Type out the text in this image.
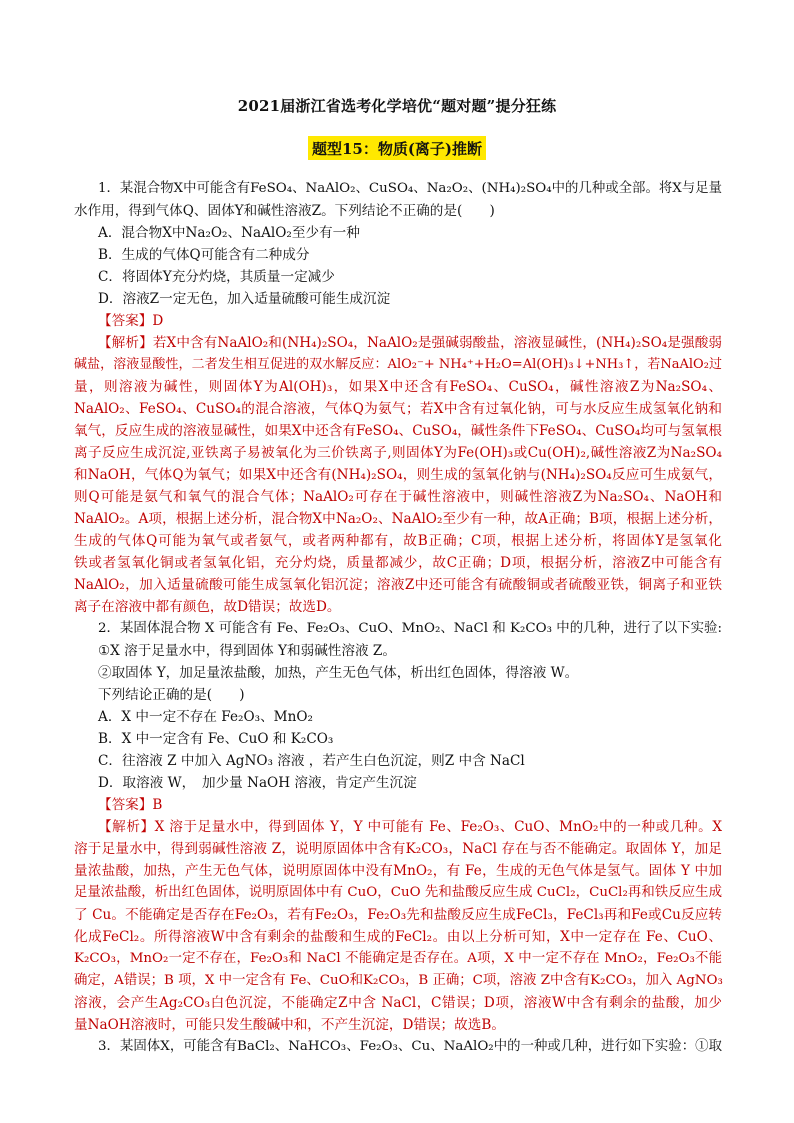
2021届浙江省选考化学培优“题对题”提分狂练
题型15：物质(离子)推断
1．某混合物X中可能含有FeSO₄、NaAlO₂、CuSO₄、Na₂O₂、(NH₄)₂SO₄中的几种或全部。将X与足量
水作用，得到气体Q、固体Y和碱性溶液Z。下列结论不正确的是(　　)
A．混合物X中Na₂O₂、NaAlO₂至少有一种
B．生成的气体Q可能含有二种成分
C．将固体Y充分灼烧，其质量一定减少
D．溶液Z一定无色，加入适量硫酸可能生成沉淀
【答案】D
【解析】若X中含有NaAlO₂和(NH₄)₂SO₄，NaAlO₂是强碱弱酸盐，溶液显碱性，(NH₄)₂SO₄是强酸弱
碱盐，溶液显酸性，二者发生相互促进的双水解反应：AlO₂⁻+ NH₄⁺+H₂O=Al(OH)₃↓+NH₃↑，若NaAlO₂过
量，则溶液为碱性，则固体Y为Al(OH)₃，如果X中还含有FeSO₄、CuSO₄，碱性溶液Z为Na₂SO₄、
NaAlO₂、FeSO₄、CuSO₄的混合溶液，气体Q为氨气；若X中含有过氧化钠，可与水反应生成氢氧化钠和
氧气，反应生成的溶液显碱性，如果X中还含有FeSO₄、CuSO₄，碱性条件下FeSO₄、CuSO₄均可与氢氧根
离子反应生成沉淀,亚铁离子易被氧化为三价铁离子,则固体Y为Fe(OH)₃或Cu(OH)₂,碱性溶液Z为Na₂SO₄
和NaOH，气体Q为氧气；如果X中还含有(NH₄)₂SO₄，则生成的氢氧化钠与(NH₄)₂SO₄反应可生成氨气，
则Q可能是氨气和氧气的混合气体；NaAlO₂可存在于碱性溶液中，则碱性溶液Z为Na₂SO₄、NaOH和
NaAlO₂。A项，根据上述分析，混合物X中Na₂O₂、NaAlO₂至少有一种，故A正确；B项，根据上述分析，
生成的气体Q可能为氧气或者氨气，或者两种都有，故B正确；C项，根据上述分析，将固体Y是氢氧化
铁或者氢氧化铜或者氢氧化铝，充分灼烧，质量都减少，故C正确；D项，根据分析，溶液Z中可能含有
NaAlO₂，加入适量硫酸可能生成氢氧化铝沉淀；溶液Z中还可能含有硫酸铜或者硫酸亚铁，铜离子和亚铁
离子在溶液中都有颜色，故D错误；故选D。
2．某固体混合物 X 可能含有 Fe、Fe₂O₃、CuO、MnO₂、NaCl 和 K₂CO₃ 中的几种，进行了以下实验:
①X 溶于足量水中，得到固体 Y和弱碱性溶液 Z。
②取固体 Y，加足量浓盐酸，加热，产生无色气体，析出红色固体，得溶液 W。
下列结论正确的是(　　)
A．X 中一定不存在 Fe₂O₃、MnO₂
B．X 中一定含有 Fe、CuO 和 K₂CO₃
C．往溶液 Z 中加入 AgNO₃ 溶液 ，若产生白色沉淀，则Z 中含 NaCl
D．取溶液 W，　加少量 NaOH 溶液，肯定产生沉淀
【答案】B
【解析】X 溶于足量水中，得到固体 Y，Y 中可能有 Fe、Fe₂O₃、CuO、MnO₂中的一种或几种。X
溶于足量水中，得到弱碱性溶液 Z，说明原固体中含有K₂CO₃，NaCl 存在与否不能确定。取固体 Y，加足
量浓盐酸，加热，产生无色气体，说明原固体中没有MnO₂，有 Fe，生成的无色气体是氢气。固体 Y 中加
足量浓盐酸，析出红色固体，说明原固体中有 CuO，CuO 先和盐酸反应生成 CuCl₂，CuCl₂再和铁反应生成
了 Cu。不能确定是否存在Fe₂O₃，若有Fe₂O₃，Fe₂O₃先和盐酸反应生成FeCl₃，FeCl₃再和Fe或Cu反应转
化成FeCl₂。所得溶液W中含有剩余的盐酸和生成的FeCl₂。由以上分析可知，X中一定存在 Fe、CuO、
K₂CO₃，MnO₂一定不存在，Fe₂O₃和 NaCl 不能确定是否存在。A项，X 中一定不存在 MnO₂，Fe₂O₃不能
确定，A错误；B 项，X 中一定含有 Fe、CuO和K₂CO₃，B 正确；C项，溶液 Z中含有K₂CO₃，加入 AgNO₃
溶液，会产生Ag₂CO₃白色沉淀，不能确定Z中含 NaCl，C错误；D项，溶液W中含有剩余的盐酸，加少
量NaOH溶液时，可能只发生酸碱中和，不产生沉淀，D错误；故选B。
3．某固体X，可能含有BaCl₂、NaHCO₃、Fe₂O₃、Cu、NaAlO₂中的一种或几种，进行如下实验：①取
